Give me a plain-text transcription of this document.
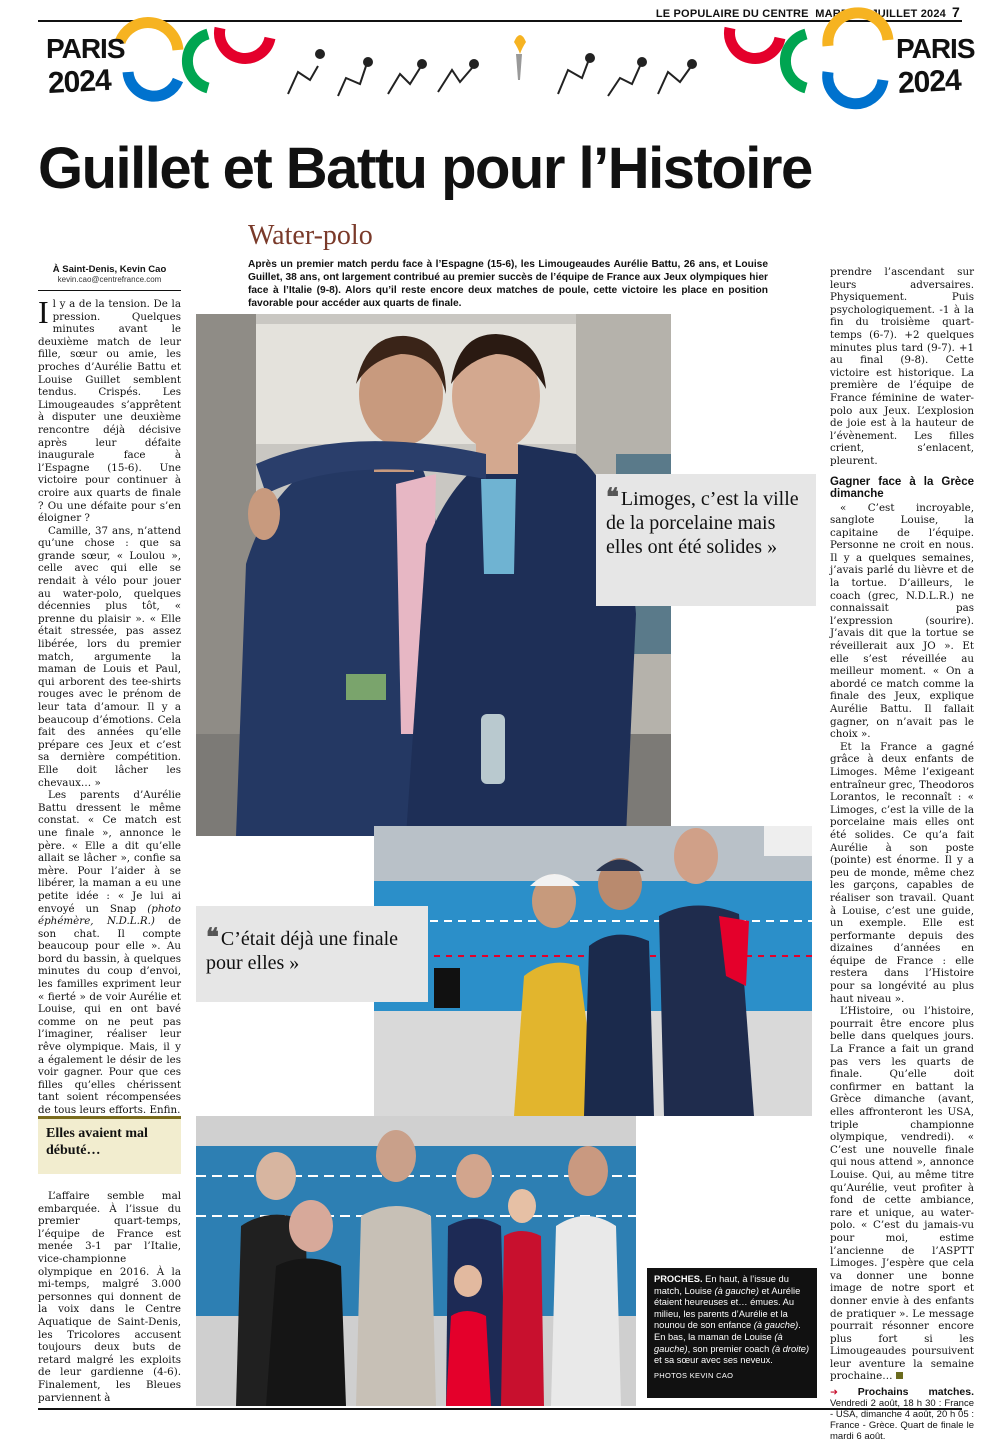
LE POPULAIRE DU CENTRE MARDI 30 JUILLET 2024 7
PARIS
2024
PARIS
2024
Guillet et Battu pour l’Histoire
Water-polo
Après un premier match perdu face à l’Espagne (15-6), les Limougeaudes Aurélie Battu, 26 ans, et Louise Guillet, 38 ans, ont largement contribué au premier succès de l’équipe de France aux Jeux olympiques hier face à l’Italie (9-8). Alors qu’il reste encore deux matches de poule, cette victoire les place en position favorable pour accéder aux quarts de finale.
À Saint-Denis, Kevin Cao
kevin.cao@centrefrance.com

Il y a de la tension. De la pression. Quelques minutes avant le deuxième match de leur fille, sœur ou amie, les proches d’Aurélie Battu et Louise Guillet semblent tendus. Crispés. Les Limougeaudes s’apprêtent à disputer une deuxième rencontre déjà décisive après leur défaite inaugurale face à l’Espagne (15-6). Une victoire pour continuer à croire aux quarts de finale ? Ou une défaite pour s’en éloigner ?

Camille, 37 ans, n’attend qu’une chose : que sa grande sœur, « Loulou », celle avec qui elle se rendait à vélo pour jouer au water-polo, quelques décennies plus tôt, « prenne du plaisir ». « Elle était stressée, pas assez libérée, lors du premier match, argumente la maman de Louis et Paul, qui arborent des tee-shirts rouges avec le prénom de leur tata d’amour. Il y a beaucoup d’émotions. Cela fait des années qu’elle prépare ces Jeux et c’est sa dernière compétition. Elle doit lâcher les chevaux… »

Les parents d’Aurélie Battu dressent le même constat. « Ce match est une finale », annonce le père. « Elle a dit qu’elle allait se lâcher », confie sa mère. Pour l’aider à se libérer, la maman a eu une petite idée : « Je lui ai envoyé un Snap (photo éphémère, N.D.L.R.) de son chat. Il compte beaucoup pour elle ». Au bord du bassin, à quelques minutes du coup d’envoi, les familles expriment leur « fierté » de voir Aurélie et Louise, qui en ont bavé comme on ne peut pas l’imaginer, réaliser leur rêve olympique. Mais, il y a également le désir de les voir gagner. Pour que ces filles qu’elles chérissent tant soient récompensées de tous leurs efforts. Enfin.

Elles avaient mal débuté…

L’affaire semble mal embarquée. À l’issue du premier quart-temps, l’équipe de France est menée 3-1 par l’Italie, vice-championne olympique en 2016. À la mi-temps, malgré 3.000 personnes qui donnent de la voix dans le Centre Aquatique de Saint-Denis, les Tricolores accusent toujours deux buts de retard malgré les exploits de leur gardienne (4-6). Finalement, les Bleues parviennent à

❝ Limoges, c’est la ville de la porcelaine mais elles ont été solides »
❝ C’était déjà une finale pour elles »
PROCHES. En haut, à l’issue du match, Louise (à gauche) et Aurélie étaient heureuses et… émues. Au milieu, les parents d’Aurélie et la nounou de son enfance (à gauche). En bas, la maman de Louise (à gauche), son premier coach (à droite) et sa sœur avec ses neveux.
PHOTOS KEVIN CAO

prendre l’ascendant sur leurs adversaires. Physiquement. Puis psychologiquement. -1 à la fin du troisième quart-temps (6-7). +2 quelques minutes plus tard (9-7). +1 au final (9-8). Cette victoire est historique. La première de l’équipe de France féminine de water-polo aux Jeux. L’explosion de joie est à la hauteur de l’évènement. Les filles crient, s’enlacent, pleurent.

Gagner face à la Grèce dimanche

« C’est incroyable, sanglote Louise, la capitaine de l’équipe. Personne ne croit en nous. Il y a quelques semaines, j’avais parlé du lièvre et de la tortue. D’ailleurs, le coach (grec, N.D.L.R.) ne connaissait pas l’expression (sourire). J’avais dit que la tortue se réveillerait aux JO ». Et elle s’est réveillée au meilleur moment. « On a abordé ce match comme la finale des Jeux, explique Aurélie Battu. Il fallait gagner, on n’avait pas le choix ».

Et la France a gagné grâce à deux enfants de Limoges. Même l’exigeant entraîneur grec, Theodoros Lorantos, le reconnaît : « Limoges, c’est la ville de la porcelaine mais elles ont été solides. Ce qu’a fait Aurélie à son poste (pointe) est énorme. Il y a peu de monde, même chez les garçons, capables de réaliser son travail. Quant à Louise, c’est une guide, un exemple. Elle est performante depuis des dizaines d’années en équipe de France : elle restera dans l’Histoire pour sa longévité au plus haut niveau ».

L’Histoire, ou l’histoire, pourrait être encore plus belle dans quelques jours. La France a fait un grand pas vers les quarts de finale. Qu’elle doit confirmer en battant la Grèce dimanche (avant, elles affronteront les USA, triple championne olympique, vendredi). « C’est une nouvelle finale qui nous attend », annonce Louise. Qui, au même titre qu’Aurélie, veut profiter à fond de cette ambiance, rare et unique, au water-polo. « C’est du jamais-vu pour moi, estime l’ancienne de l’ASPTT Limoges. J’espère que cela va donner une bonne image de notre sport et donner envie à des enfants de pratiquer ». Le message pourrait résonner encore plus fort si les Limougeaudes poursuivent leur aventure la semaine prochaine…

➜ Prochains matches. Vendredi 2 août, 18 h 30 : France - USA, dimanche 4 août, 20 h 05 : France - Grèce. Quart de finale le mardi 6 août.
